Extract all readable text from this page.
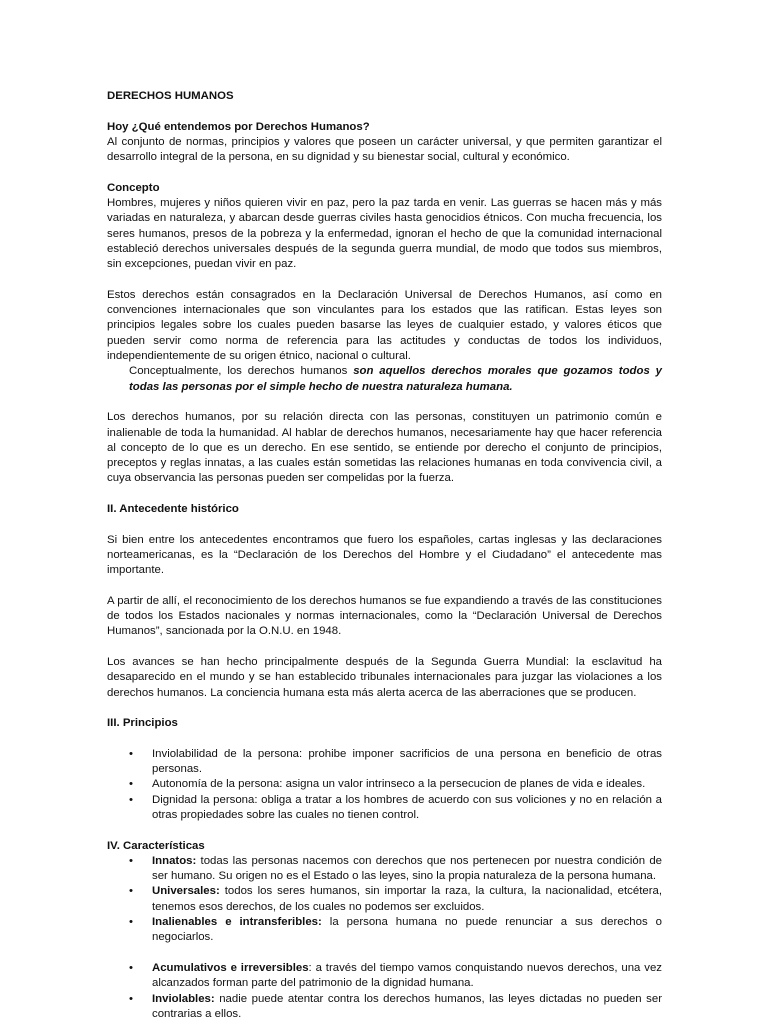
DERECHOS HUMANOS

Hoy ¿Qué entendemos por Derechos Humanos?

Al conjunto de normas, principios y valores que poseen un carácter universal, y que permiten garantizar el desarrollo integral de la persona, en su dignidad y su bienestar social, cultural y económico.

Concepto

Hombres, mujeres y niños quieren vivir en paz, pero la paz tarda en venir. Las guerras se hacen más y más variadas en naturaleza, y abarcan desde guerras civiles hasta genocidios étnicos. Con mucha frecuencia, los seres humanos, presos de la pobreza y la enfermedad, ignoran el hecho de que la comunidad internacional estableció derechos universales después de la segunda guerra mundial, de modo que todos sus miembros, sin excepciones, puedan vivir en paz.

Estos derechos están consagrados en la Declaración Universal de Derechos Humanos, así como en convenciones internacionales que son vinculantes para los estados que las ratifican. Estas leyes son principios legales sobre los cuales pueden basarse las leyes de cualquier estado, y valores éticos que pueden servir como norma de referencia para las actitudes y conductas de todos los individuos, independientemente de su origen étnico, nacional o cultural.

Conceptualmente, los derechos humanos son aquellos derechos morales que gozamos todos y todas las personas por el simple hecho de nuestra naturaleza humana.

Los derechos humanos, por su relación directa con las personas, constituyen un patrimonio común e inalienable de toda la humanidad. Al hablar de derechos humanos, necesariamente hay que hacer referencia al concepto de lo que es un derecho. En ese sentido, se entiende por derecho el conjunto de principios, preceptos y reglas innatas, a las cuales están sometidas las relaciones humanas en toda convivencia civil, a cuya observancia las personas pueden ser compelidas por la fuerza.

II. Antecedente histórico

Si bien entre los antecedentes encontramos que fuero los españoles, cartas inglesas y las declaraciones norteamericanas, es la “Declaración de los Derechos del Hombre y el Ciudadano” el antecedente mas importante.

A partir de allí, el reconocimiento de los derechos humanos se fue expandiendo a través de las constituciones de todos los Estados nacionales y normas internacionales, como la “Declaración Universal de Derechos Humanos”, sancionada por la O.N.U. en 1948.

Los avances se han hecho principalmente después de la Segunda Guerra Mundial: la esclavitud ha desaparecido en el mundo y se han establecido tribunales internacionales para juzgar las violaciones a los derechos humanos. La conciencia humana esta más alerta acerca de las aberraciones que se producen.

III. Principios

• Inviolabilidad de la persona: prohibe imponer sacrificios de una persona en beneficio de otras personas.
• Autonomía de la persona: asigna un valor intrinseco a la persecucion de planes de vida e ideales.
• Dignidad la persona: obliga a tratar a los hombres de acuerdo con sus voliciones y no en relación a otras propiedades sobre las cuales no tienen control.

IV. Características

• Innatos: todas las personas nacemos con derechos que nos pertenecen por nuestra condición de ser humano. Su origen no es el Estado o las leyes, sino la propia naturaleza de la persona humana.
• Universales: todos los seres humanos, sin importar la raza, la cultura, la nacionalidad, etcétera, tenemos esos derechos, de los cuales no podemos ser excluidos.
• Inalienables e intransferibles: la persona humana no puede renunciar a sus derechos o negociarlos.
• Acumulativos e irreversibles: a través del tiempo vamos conquistando nuevos derechos, una vez alcanzados forman parte del patrimonio de la dignidad humana.
• Inviolables: nadie puede atentar contra los derechos humanos, las leyes dictadas no pueden ser contrarias a ellos.
